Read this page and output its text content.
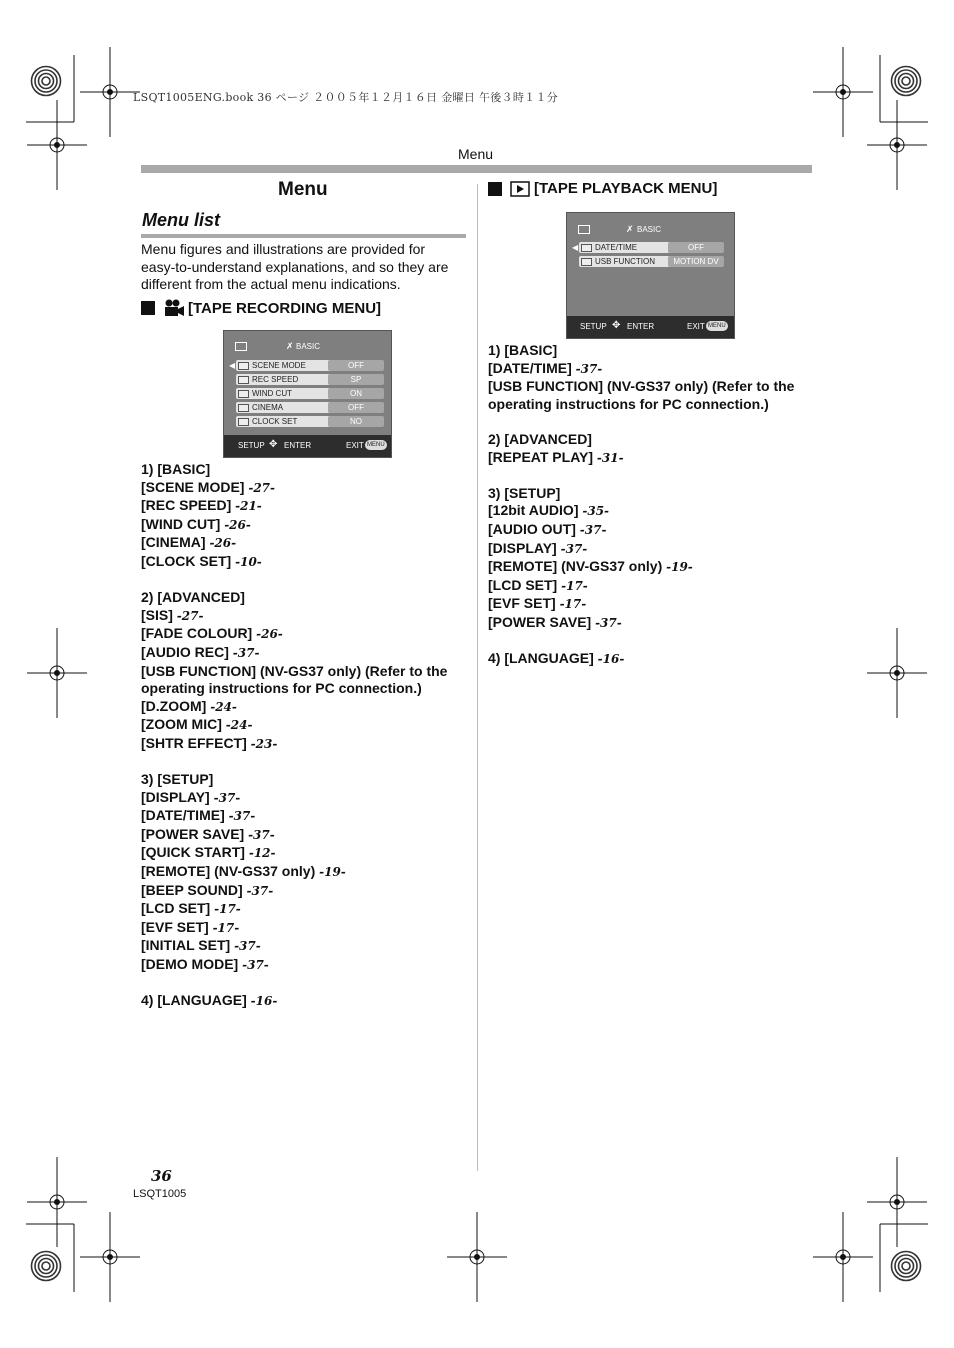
LSQT1005ENG.book 36 ページ ２００５年１２月１６日 金曜日 午後３時１１分
Menu
Menu
Menu list
Menu figures and illustrations are provided for
easy-to-understand explanations, and so they are
different from the actual menu indications.
[TAPE RECORDING MENU]
✗ BASIC
◀	SCENE MODE	OFF
REC SPEED	SP
WIND CUT	ON
CINEMA	OFF
CLOCK SET	NO
SETUP ✥ ENTER	EXIT MENU
1) [BASIC]
[SCENE MODE] -27-
[REC SPEED] -21-
[WIND CUT] -26-
[CINEMA] -26-
[CLOCK SET] -10-
2) [ADVANCED]
[SIS] -27-
[FADE COLOUR] -26-
[AUDIO REC] -37-
[USB FUNCTION] (NV-GS37 only) (Refer to the
operating instructions for PC connection.)
[D.ZOOM] -24-
[ZOOM MIC] -24-
[SHTR EFFECT] -23-
3) [SETUP]
[DISPLAY] -37-
[DATE/TIME] -37-
[POWER SAVE] -37-
[QUICK START] -12-
[REMOTE] (NV-GS37 only) -19-
[BEEP SOUND] -37-
[LCD SET] -17-
[EVF SET] -17-
[INITIAL SET] -37-
[DEMO MODE] -37-
4) [LANGUAGE] -16-
[TAPE PLAYBACK MENU]
✗ BASIC
◀	DATE/TIME	OFF
USB FUNCTION	MOTION DV
SETUP ✥ ENTER	EXIT MENU
1) [BASIC]
[DATE/TIME] -37-
[USB FUNCTION] (NV-GS37 only) (Refer to the
operating instructions for PC connection.)
2) [ADVANCED]
[REPEAT PLAY] -31-
3) [SETUP]
[12bit AUDIO] -35-
[AUDIO OUT] -37-
[DISPLAY] -37-
[REMOTE] (NV-GS37 only) -19-
[LCD SET] -17-
[EVF SET] -17-
[POWER SAVE] -37-
4) [LANGUAGE] -16-
36
LSQT1005
